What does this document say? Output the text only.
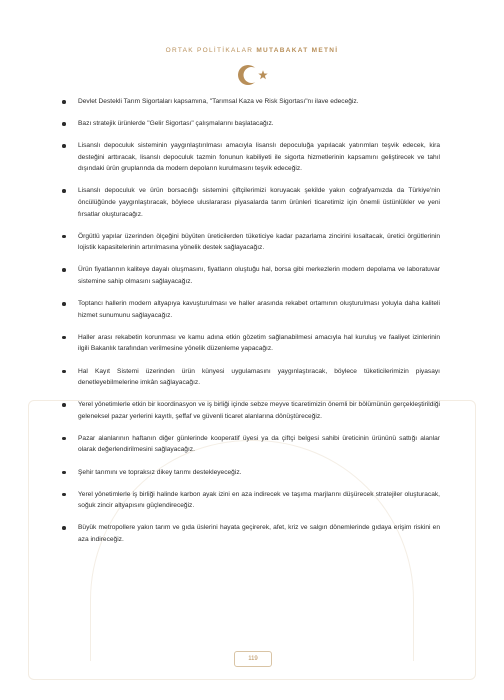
ORTAK POLİTİKALAR MUTABAKAT METNİ
Devlet Destekli Tarım Sigortaları kapsamına, "Tarımsal Kaza ve Risk Sigortası"nı ilave edeceğiz.
Bazı stratejik ürünlerde "Gelir Sigortası" çalışmalarını başlatacağız.
Lisanslı depoculuk sisteminin yaygınlaştırılması amacıyla lisanslı depoculuğa yapılacak yatırımları teşvik edecek, kira desteğini arttıracak, lisanslı depoculuk tazmin fonunun kabiliyeti ile sigorta hizmetlerinin kapsamını geliştirecek ve tahıl dışındaki ürün gruplarında da modern depoların kurulmasını teşvik edeceğiz.
Lisanslı depoculuk ve ürün borsacılığı sistemini çiftçilerimizi koruyacak şekilde yakın coğrafyamızda da Türkiye'nin öncülüğünde yaygınlaştıracak, böylece uluslararası piyasalarda tarım ürünleri ticaretimiz için önemli üstünlükler ve yeni fırsatlar oluşturacağız.
Örgütlü yapılar üzerinden ölçeğini büyüten üreticilerden tüketiciye kadar pazarlama zincirini kısaltacak, üretici örgütlerinin lojistik kapasitelerinin artırılmasına yönelik destek sağlayacağız.
Ürün fiyatlarının kaliteye dayalı oluşmasını, fiyatların oluştuğu hal, borsa gibi merkezlerin modern depolama ve laboratuvar sistemine sahip olmasını sağlayacağız.
Toptancı hallerin modern altyapıya kavuşturulması ve haller arasında rekabet ortamının oluşturulması yoluyla daha kaliteli hizmet sunumunu sağlayacağız.
Haller arası rekabetin korunması ve kamu adına etkin gözetim sağlanabilmesi amacıyla hal kuruluş ve faaliyet izinlerinin ilgili Bakanlık tarafından verilmesine yönelik düzenleme yapacağız.
Hal Kayıt Sistemi üzerinden ürün künyesi uygulamasını yaygınlaştıracak, böylece tüketicilerimizin piyasayı denetleyebilmelerine imkân sağlayacağız.
Yerel yönetimlerle etkin bir koordinasyon ve iş birliği içinde sebze meyve ticaretimizin önemli bir bölümünün gerçekleştirildiği geleneksel pazar yerlerini kayıtlı, şeffaf ve güvenli ticaret alanlarına dönüştüreceğiz.
Pazar alanlarının haftanın diğer günlerinde kooperatif üyesi ya da çiftçi belgesi sahibi üreticinin ürününü sattığı alanlar olarak değerlendirilmesini sağlayacağız.
Şehir tarımını ve topraksız dikey tarımı destekleyeceğiz.
Yerel yönetimlerle iş birliği halinde karbon ayak izini en aza indirecek ve taşıma marjlarını düşürecek stratejiler oluşturacak, soğuk zincir altyapısını güçlendireceğiz.
Büyük metropollere yakın tarım ve gıda üslerini hayata geçirerek, afet, kriz ve salgın dönemlerinde gıdaya erişim riskini en aza indireceğiz.
119
